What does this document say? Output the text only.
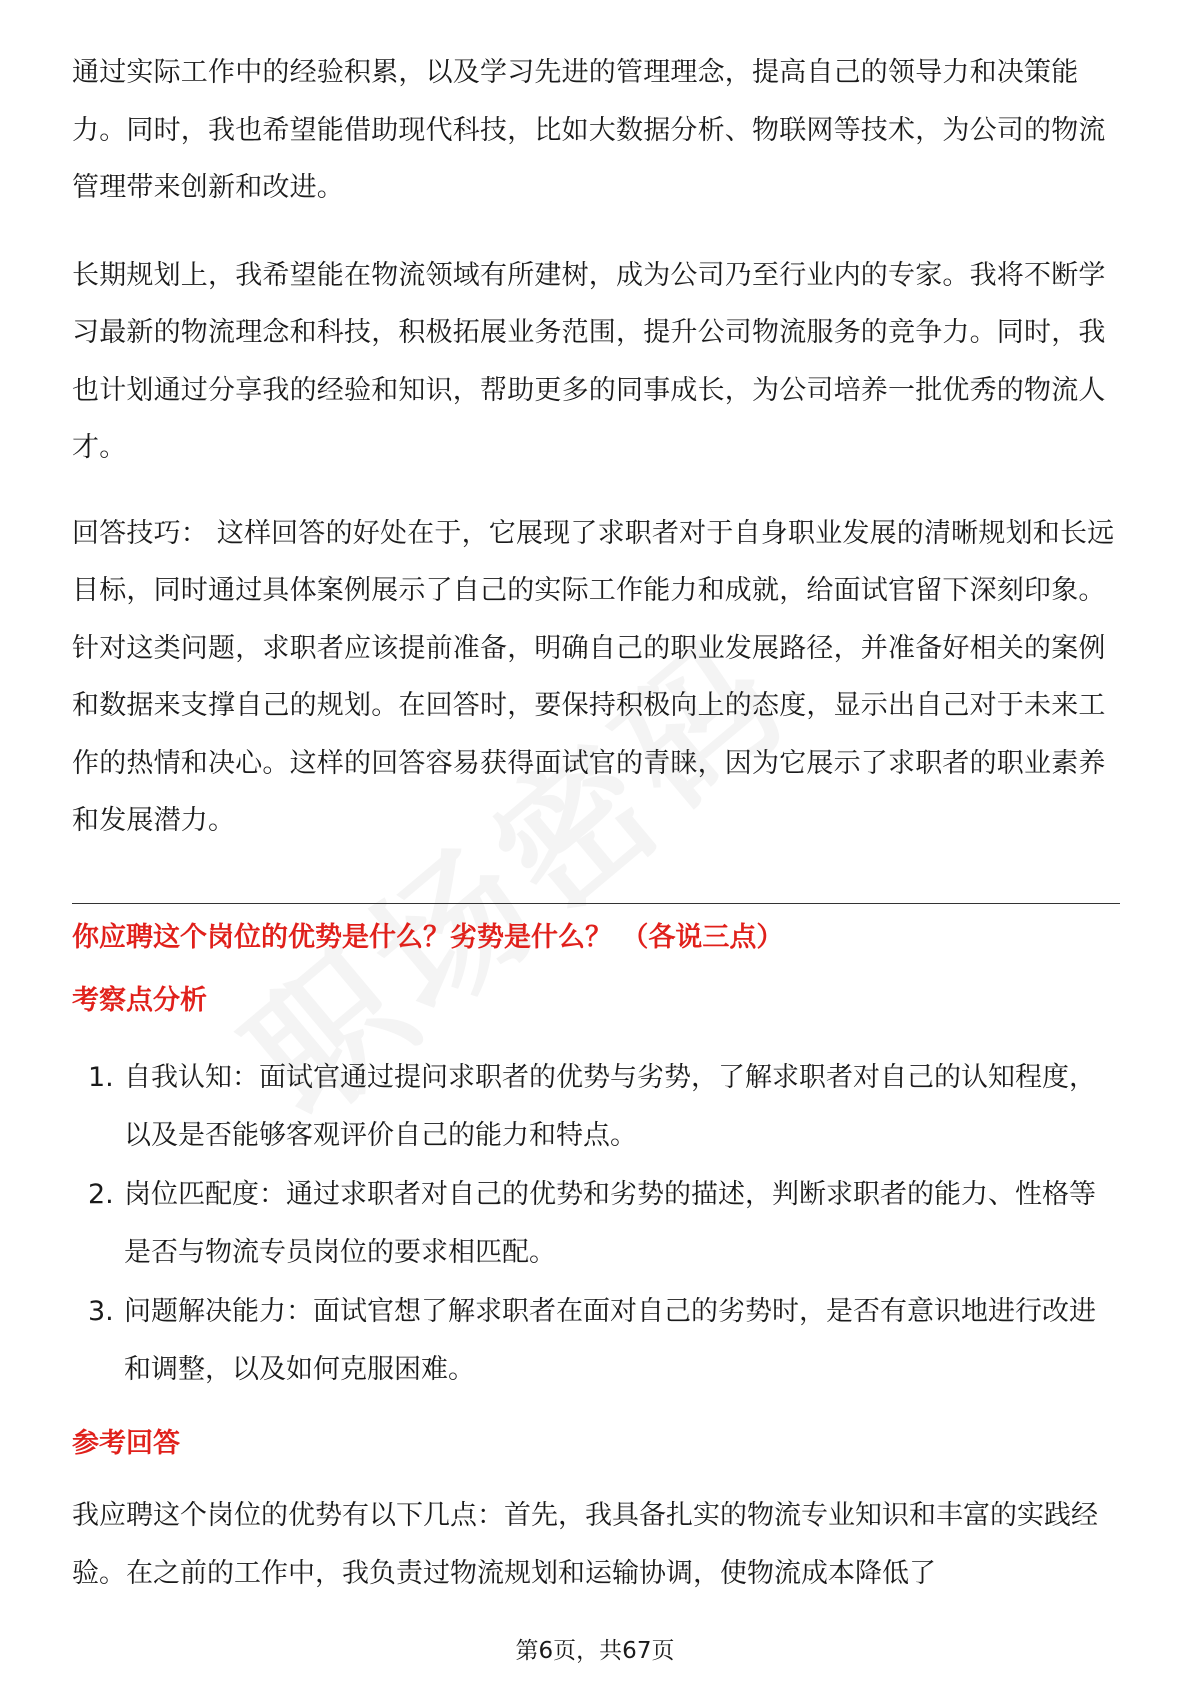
通过实际工作中的经验积累，以及学习先进的管理理念，提高自己的领导力和决策能力。同时，我也希望能借助现代科技，比如大数据分析、物联网等技术，为公司的物流管理带来创新和改进。

长期规划上，我希望能在物流领域有所建树，成为公司乃至行业内的专家。我将不断学习最新的物流理念和科技，积极拓展业务范围，提升公司物流服务的竞争力。同时，我也计划通过分享我的经验和知识，帮助更多的同事成长，为公司培养一批优秀的物流人才。

回答技巧： 这样回答的好处在于，它展现了求职者对于自身职业发展的清晰规划和长远目标，同时通过具体案例展示了自己的实际工作能力和成就，给面试官留下深刻印象。针对这类问题，求职者应该提前准备，明确自己的职业发展路径，并准备好相关的案例和数据来支撑自己的规划。在回答时，要保持积极向上的态度，显示出自己对于未来工作的热情和决心。这样的回答容易获得面试官的青睐，因为它展示了求职者的职业素养和发展潜力。

你应聘这个岗位的优势是什么？劣势是什么？ （各说三点）

考察点分析

1. 自我认知：面试官通过提问求职者的优势与劣势，了解求职者对自己的认知程度，以及是否能够客观评价自己的能力和特点。
2. 岗位匹配度：通过求职者对自己的优势和劣势的描述，判断求职者的能力、性格等是否与物流专员岗位的要求相匹配。
3. 问题解决能力：面试官想了解求职者在面对自己的劣势时，是否有意识地进行改进和调整，以及如何克服困难。

参考回答

我应聘这个岗位的优势有以下几点：首先，我具备扎实的物流专业知识和丰富的实践经验。在之前的工作中，我负责过物流规划和运输协调，使物流成本降低了

第6页，共67页
